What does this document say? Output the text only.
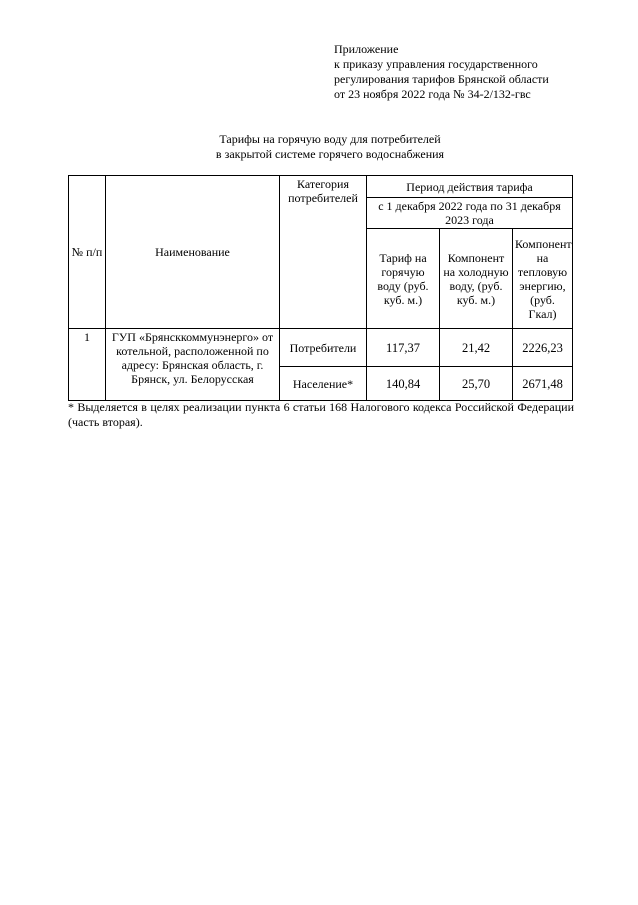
Приложение
к приказу управления государственного
регулирования тарифов Брянской области
от 23 ноября 2022 года № 34-2/132-гвс
Тарифы на горячую воду для потребителей
в закрытой системе горячего водоснабжения
№ п/п	Наименование	Категория потребителей	Период действия тарифа		
			с 1 декабря 2022 года по 31 декабря 2023 года		
			Тариф на горячую воду (руб. куб. м.)	Компонент на холодную воду, (руб. куб. м.)	Компонент на тепловую энергию, (руб. Гкал)
1	ГУП «Брянсккоммунэнерго» от котельной, расположенной по адресу: Брянская область, г. Брянск, ул. Белорусская	Потребители	117,37	21,42	2226,23
		Население*	140,84	25,70	2671,48
* Выделяется в целях реализации пункта 6 статьи 168 Налогового кодекса Российской Федерации (часть вторая).
